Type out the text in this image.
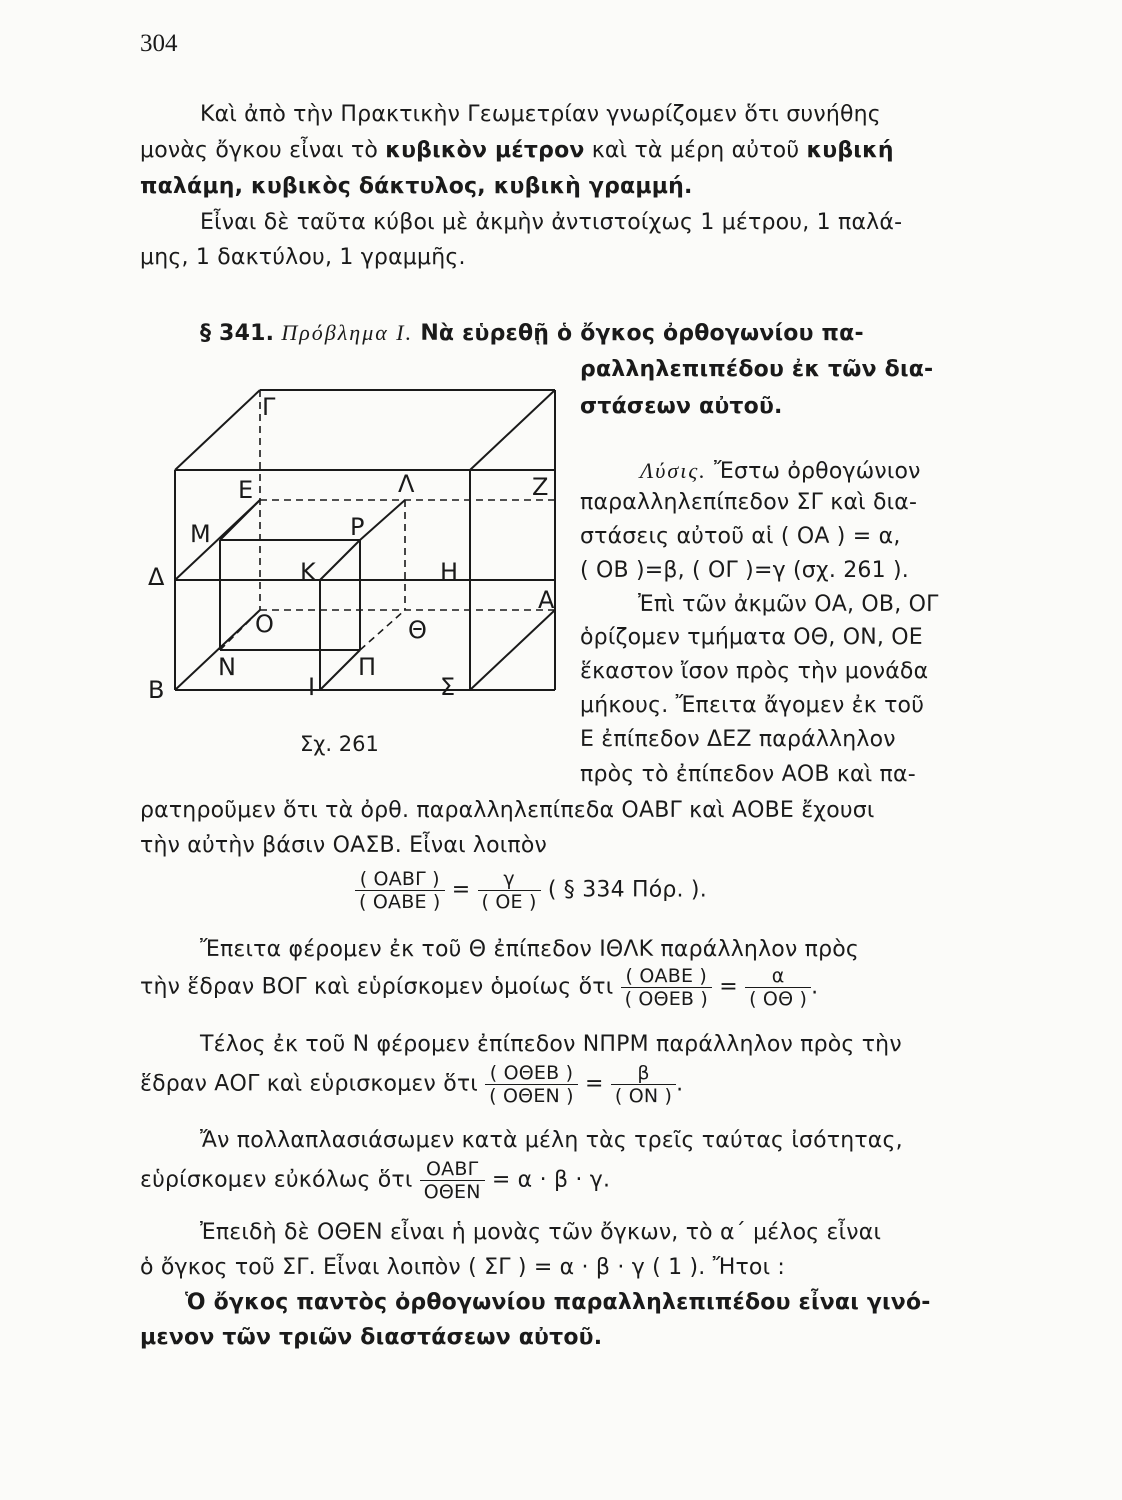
304
Καὶ ἀπὸ τὴν Πρακτικὴν Γεωμετρίαν γνωρίζομεν ὅτι συνήθης
μονὰς ὄγκου εἶναι τὸ κυβικὸν μέτρον καὶ τὰ μέρη αὐτοῦ κυβική
παλάμη, κυβικὸς δάκτυλος, κυβικὴ γραμμή.
Εἶναι δὲ ταῦτα κύβοι μὲ ἀκμὴν ἀντιστοίχως 1 μέτρου, 1 παλά-
μης, 1 δακτύλου, 1 γραμμῆς.
§ 341. Πρόβλημα Ι. Νὰ εὑρεθῇ ὁ ὄγκος ὀρθογωνίου πα-
ραλληλεπιπέδου ἐκ τῶν δια-
στάσεων αὐτοῦ.
Γ
Ε	Λ	Ζ
Μ	Ρ
Δ	Κ	Η
Α
Ο	Θ
Ν	Π
Β	Ι	Σ
Σχ. 261
Λύσις. Ἔστω ὀρθογώνιον
παραλληλεπίπεδον ΣΓ καὶ δια-
στάσεις αὐτοῦ αἱ ( ΟΑ ) = α,
( ΟΒ )=β, ( ΟΓ )=γ (σχ. 261 ).
Ἐπὶ τῶν ἀκμῶν ΟΑ, ΟΒ, ΟΓ
ὁρίζομεν τμήματα ΟΘ, ΟΝ, ΟΕ
ἕκαστον ἴσον πρὸς τὴν μονάδα
μήκους. Ἔπειτα ἄγομεν ἐκ τοῦ
Ε ἐπίπεδον ΔΕΖ παράλληλον
πρὸς τὸ ἐπίπεδον ΑΟΒ καὶ πα-
ρατηροῦμεν ὅτι τὰ ὀρθ. παραλληλεπίπεδα ΟΑΒΓ καὶ ΑΟΒΕ ἔχουσι
τὴν αὐτὴν βάσιν ΟΑΣΒ. Εἶναι λοιπὸν
$\frac{\text{( ΟΑΒΓ )}}{\text{( ΟΑΒΕ )}} = \frac{\gamma}{( OE )}$ ( § 334 Πόρ. ).
Ἔπειτα φέρομεν ἐκ τοῦ Θ ἐπίπεδον ΙΘΛΚ παράλληλον πρὸς
τὴν ἕδραν ΒΟΓ καὶ εὑρίσκομεν ὁμοίως ὅτι $\frac{\text{( ΟΑΒΕ )}}{\text{( ΟΘΕΒ )}} = \frac{\alpha}{( O\Theta )}$ .
Τέλος ἐκ τοῦ Ν φέρομεν ἐπίπεδον ΝΠΡΜ παράλληλον πρὸς τὴν
ἕδραν ΑΟΓ καὶ εὑρισκομεν ὅτι $\frac{\text{( ΟΘΕΒ )}}{\text{( ΟΘΕΝ )}} = \frac{\beta}{( ON )}$ .
Ἄν πολλαπλασιάσωμεν κατὰ μέλη τὰς τρεῖς ταύτας ἰσότητας,
εὑρίσκομεν εὐκόλως ὅτι $\frac{\text{ΟΑΒΓ}}{\text{ΟΘΕΝ}} = \alpha \cdot \beta \cdot \gamma$.
Ἐπειδὴ δὲ ΟΘΕΝ εἶναι ἡ μονὰς τῶν ὄγκων, τὸ α΄ μέλος εἶναι
ὁ ὄγκος τοῦ ΣΓ. Εἶναι λοιπὸν ( ΣΓ ) = α · β · γ ( 1 ). Ἤτοι :
Ὁ ὄγκος παντὸς ὀρθογωνίου παραλληλεπιπέδου εἶναι γινό-
μενον τῶν τριῶν διαστάσεων αὐτοῦ.
